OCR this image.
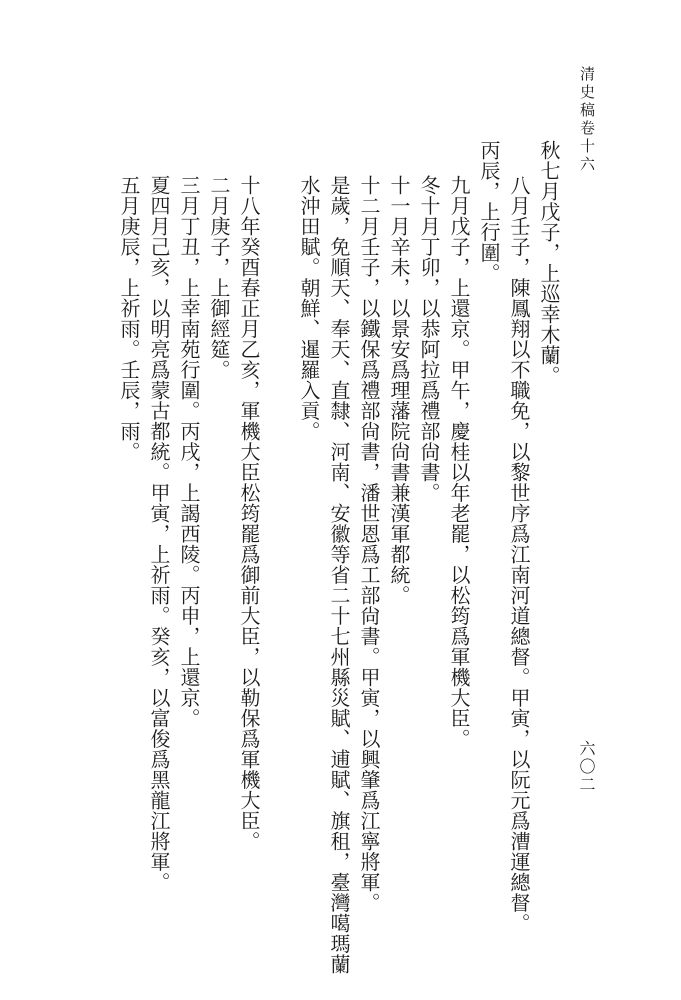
清史稿卷十六
六〇二
秋七月戊子，上巡幸木蘭。
八月壬子，陳鳳翔以不職免，以黎世序爲江南河道總督。甲寅，以阮元爲漕運總督。
丙辰，上行圍。
九月戊子，上還京。甲午，慶桂以年老罷，以松筠爲軍機大臣。
冬十月丁卯，以恭阿拉爲禮部尙書。
十一月辛未，以景安爲理藩院尙書兼漢軍都統。
十二月壬子，以鐵保爲禮部尙書，潘世恩爲工部尙書。甲寅，以興肇爲江寧將軍。
是歲，免順天、奉天、直隸、河南、安徽等省二十七州縣災賦、逋賦、旗租，臺灣噶瑪蘭
水沖田賦。朝鮮、暹羅入貢。
十八年癸酉春正月乙亥，軍機大臣松筠罷爲御前大臣，以勒保爲軍機大臣。
二月庚子，上御經筵。
三月丁丑，上幸南苑行圍。丙戌，上謁西陵。丙申，上還京。
夏四月己亥，以明亮爲蒙古都統。甲寅，上祈雨。癸亥，以富俊爲黑龍江將軍。
五月庚辰，上祈雨。壬辰，雨。
